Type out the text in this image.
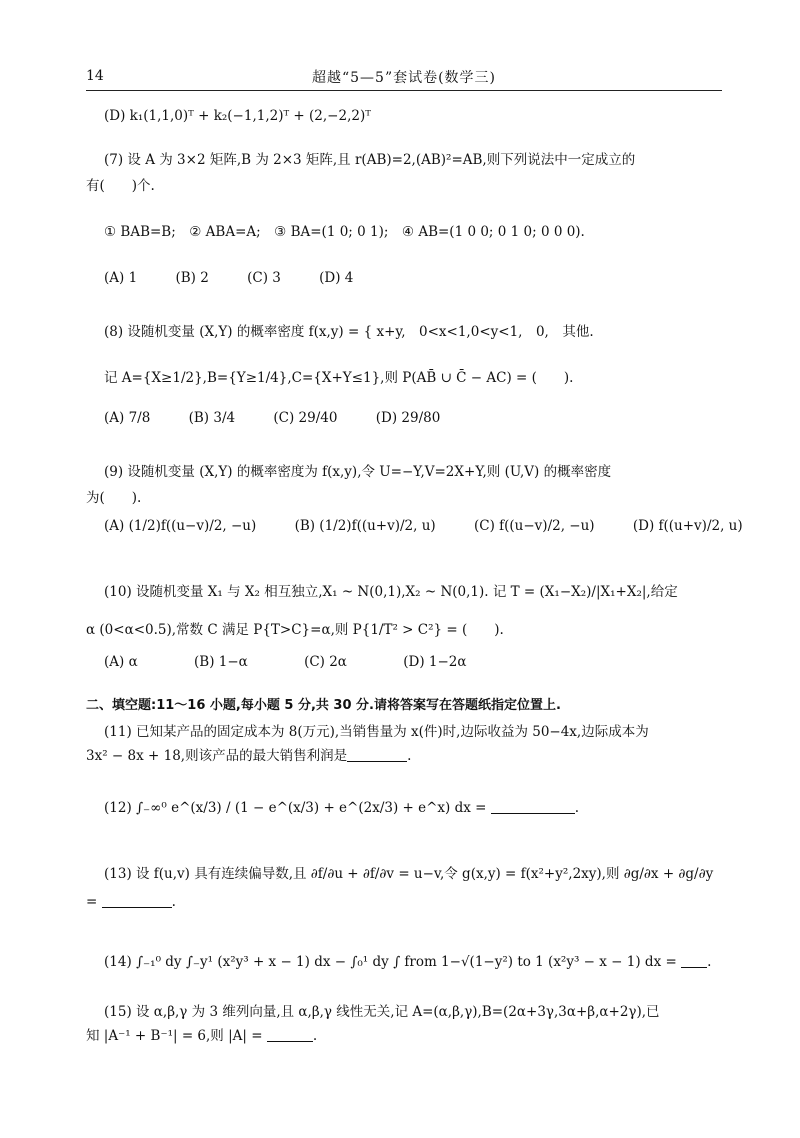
14	超越“5—5”套试卷(数学三)
(D) k₁(1,1,0)ᵀ + k₂(−1,1,2)ᵀ + (2,−2,2)ᵀ
(7) 设 A 为 3×2 矩阵,B 为 2×3 矩阵,且 r(AB)=2,(AB)²=AB,则下列说法中一定成立的
有(　　)个.
① BAB=B;　② ABA=A;　③ BA=(1 0; 0 1);　④ AB=(1 0 0; 0 1 0; 0 0 0).
(A) 1	(B) 2	(C) 3	(D) 4
(8) 设随机变量 (X,Y) 的概率密度 f(x,y) = { x+y,　0<x<1,0<y<1,　0,　其他.
记 A={X≥1/2},B={Y≥1/4},C={X+Y≤1},则 P(AB̄ ∪ C̄ − AC) = (　　).
(A) 7/8	(B) 3/4	(C) 29/40	(D) 29/80
(9) 设随机变量 (X,Y) 的概率密度为 f(x,y),令 U=−Y,V=2X+Y,则 (U,V) 的概率密度
为(　　).
(A) (1/2)f((u−v)/2, −u)	(B) (1/2)f((u+v)/2, u)	(C) f((u−v)/2, −u)	(D) f((u+v)/2, u)
(10) 设随机变量 X₁ 与 X₂ 相互独立,X₁ ~ N(0,1),X₂ ~ N(0,1). 记 T = (X₁−X₂)/|X₁+X₂|,给定
α (0<α<0.5),常数 C 满足 P{T>C}=α,则 P{1/T² > C²} = (　　).
(A) α	(B) 1−α	(C) 2α	(D) 1−2α
二、填空题:11～16 小题,每小题 5 分,共 30 分.请将答案写在答题纸指定位置上.
(11) 已知某产品的固定成本为 8(万元),当销售量为 x(件)时,边际收益为 50−4x,边际成本为
3x² − 8x + 18,则该产品的最大销售利润是	.
(12) ∫₋∞⁰ e^(x/3) / (1 − e^(x/3) + e^(2x/3) + e^x) dx =	.
(13) 设 f(u,v) 具有连续偏导数,且 ∂f/∂u + ∂f/∂v = u−v,令 g(x,y) = f(x²+y²,2xy),则 ∂g/∂x + ∂g/∂y
=	.
(14) ∫₋₁⁰ dy ∫₋y¹ (x²y³ + x − 1) dx − ∫₀¹ dy ∫ from 1−√(1−y²) to 1 (x²y³ − x − 1) dx = .
(15) 设 α,β,γ 为 3 维列向量,且 α,β,γ 线性无关,记 A=(α,β,γ),B=(2α+3γ,3α+β,α+2γ),已
知 |A⁻¹ + B⁻¹| = 6,则 |A| =	.
